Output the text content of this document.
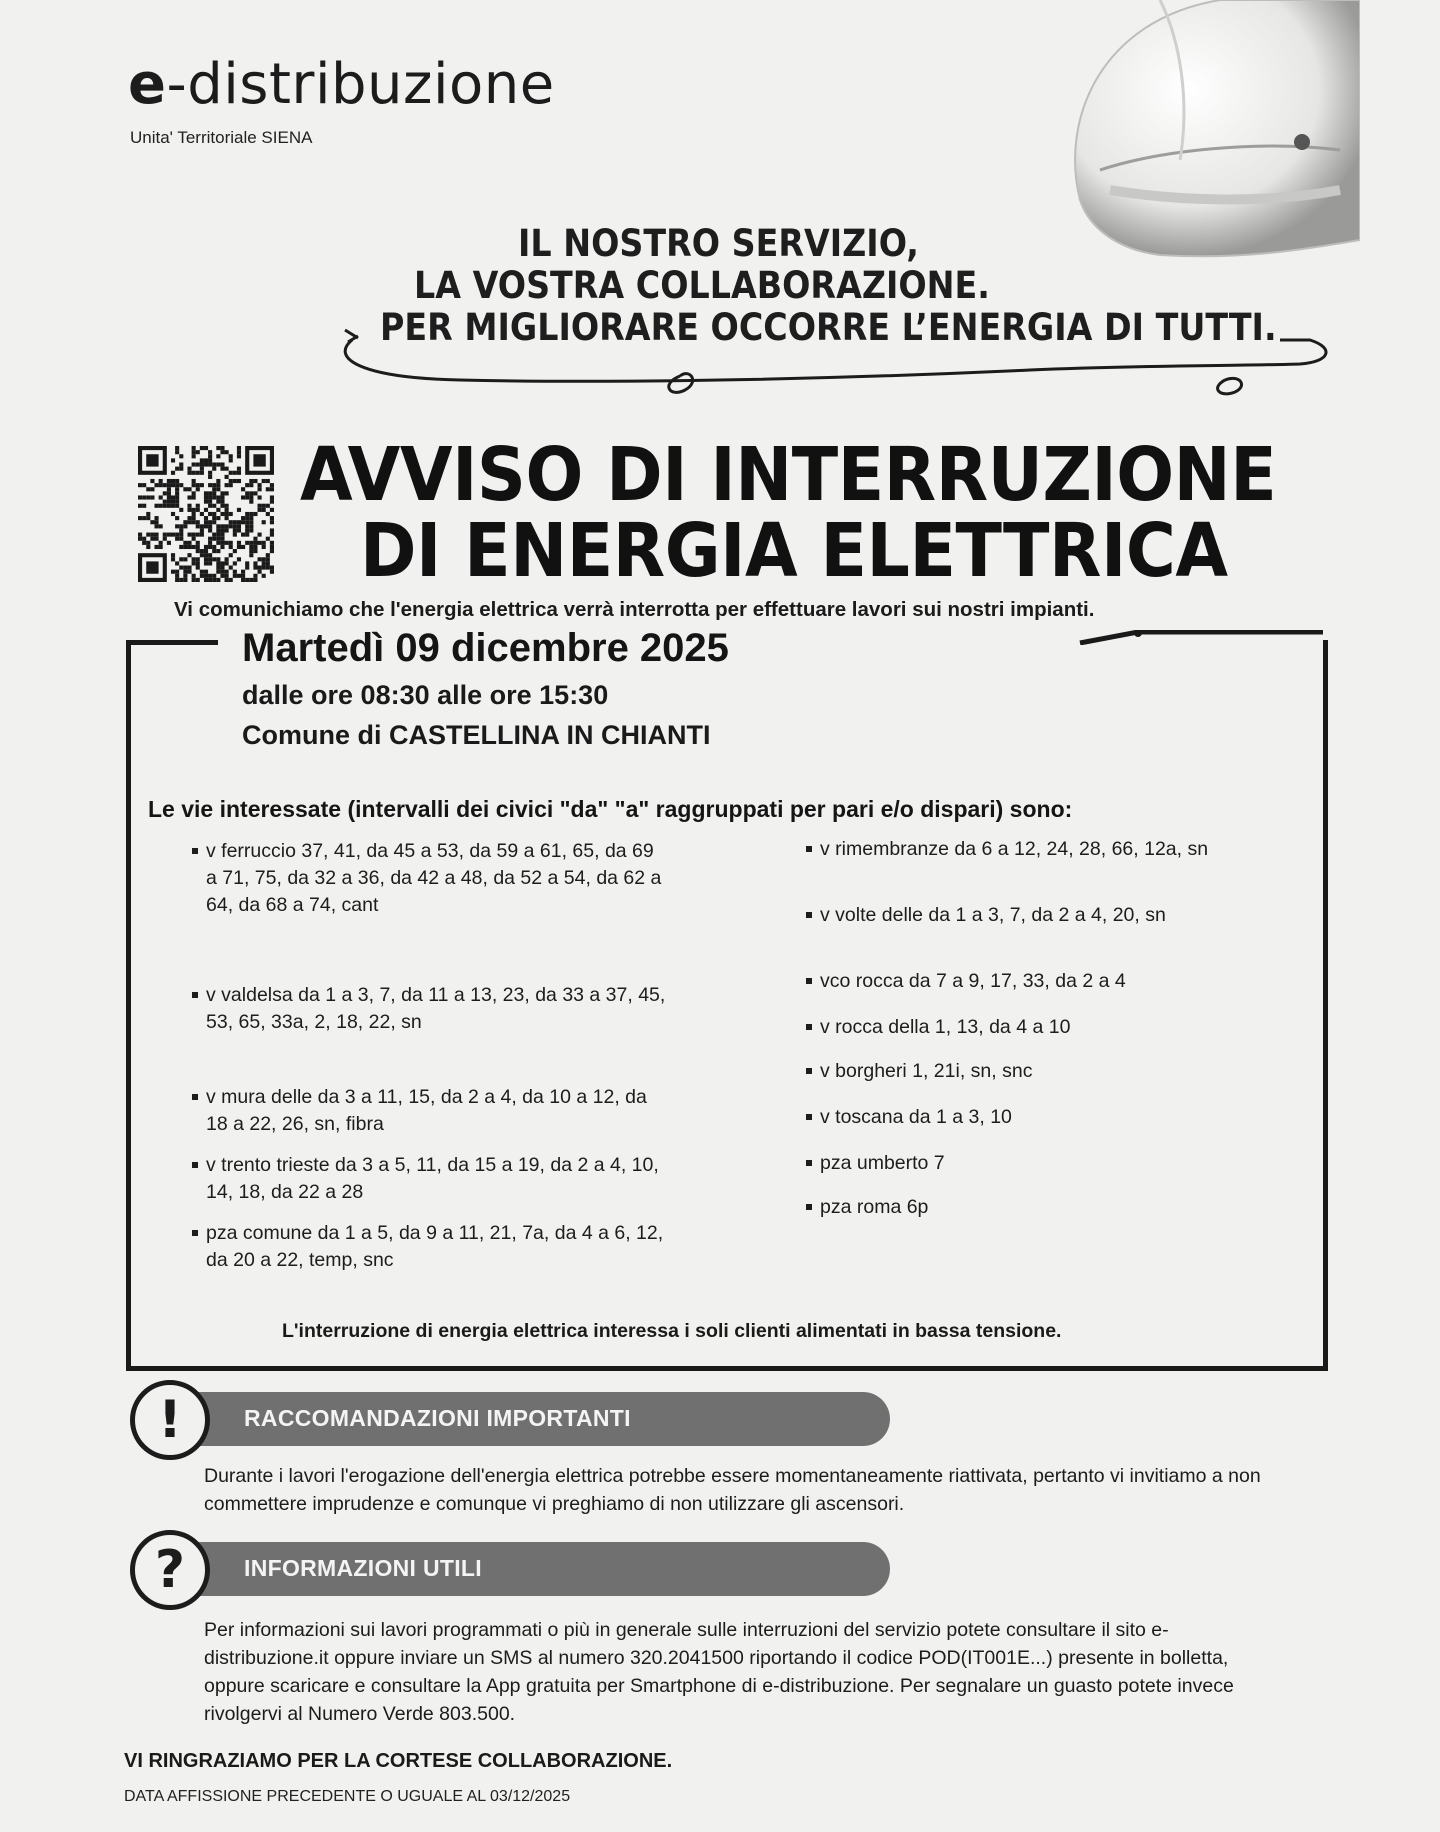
e-distribuzione
Unita' Territoriale SIENA
IL NOSTRO SERVIZIO,
LA VOSTRA COLLABORAZIONE.
PER MIGLIORARE OCCORRE L’ENERGIA DI TUTTI.
AVVISO DI INTERRUZIONE
DI ENERGIA ELETTRICA
Vi comunichiamo che l'energia elettrica verrà interrotta per effettuare lavori sui nostri impianti.
Martedì 09 dicembre 2025
dalle ore 08:30 alle ore 15:30
Comune di CASTELLINA IN CHIANTI
Le vie interessate (intervalli dei civici "da" "a" raggruppati per pari e/o dispari) sono:
v ferruccio 37, 41, da 45 a 53, da 59 a 61, 65, da 69 a 71, 75, da 32 a 36, da 42 a 48, da 52 a 54, da 62 a 64, da 68 a 74, cant
v valdelsa da 1 a 3, 7, da 11 a 13, 23, da 33 a 37, 45, 53, 65, 33a, 2, 18, 22, sn
v mura delle da 3 a 11, 15, da 2 a 4, da 10 a 12, da 18 a 22, 26, sn, fibra
v trento trieste da 3 a 5, 11, da 15 a 19, da 2 a 4, 10, 14, 18, da 22 a 28
pza comune da 1 a 5, da 9 a 11, 21, 7a, da 4 a 6, 12, da 20 a 22, temp, snc
v rimembranze da 6 a 12, 24, 28, 66, 12a, sn
v volte delle da 1 a 3, 7, da 2 a 4, 20, sn
vco rocca da 7 a 9, 17, 33, da 2 a 4
v rocca della 1, 13, da 4 a 10
v borgheri 1, 21i, sn, snc
v toscana da 1 a 3, 10
pza umberto 7
pza roma 6p
L'interruzione di energia elettrica interessa i soli clienti alimentati in bassa tensione.
!	RACCOMANDAZIONI IMPORTANTI
Durante i lavori l'erogazione dell'energia elettrica potrebbe essere momentaneamente riattivata, pertanto vi invitiamo a non commettere imprudenze e comunque vi preghiamo di non utilizzare gli ascensori.
?	INFORMAZIONI UTILI
Per informazioni sui lavori programmati o più in generale sulle interruzioni del servizio potete consultare il sito e-distribuzione.it oppure inviare un SMS al numero 320.2041500 riportando il codice POD(IT001E...) presente in bolletta, oppure scaricare e consultare la App gratuita per Smartphone di e-distribuzione. Per segnalare un guasto potete invece rivolgervi al Numero Verde 803.500.
VI RINGRAZIAMO PER LA CORTESE COLLABORAZIONE.
DATA AFFISSIONE PRECEDENTE O UGUALE AL 03/12/2025
